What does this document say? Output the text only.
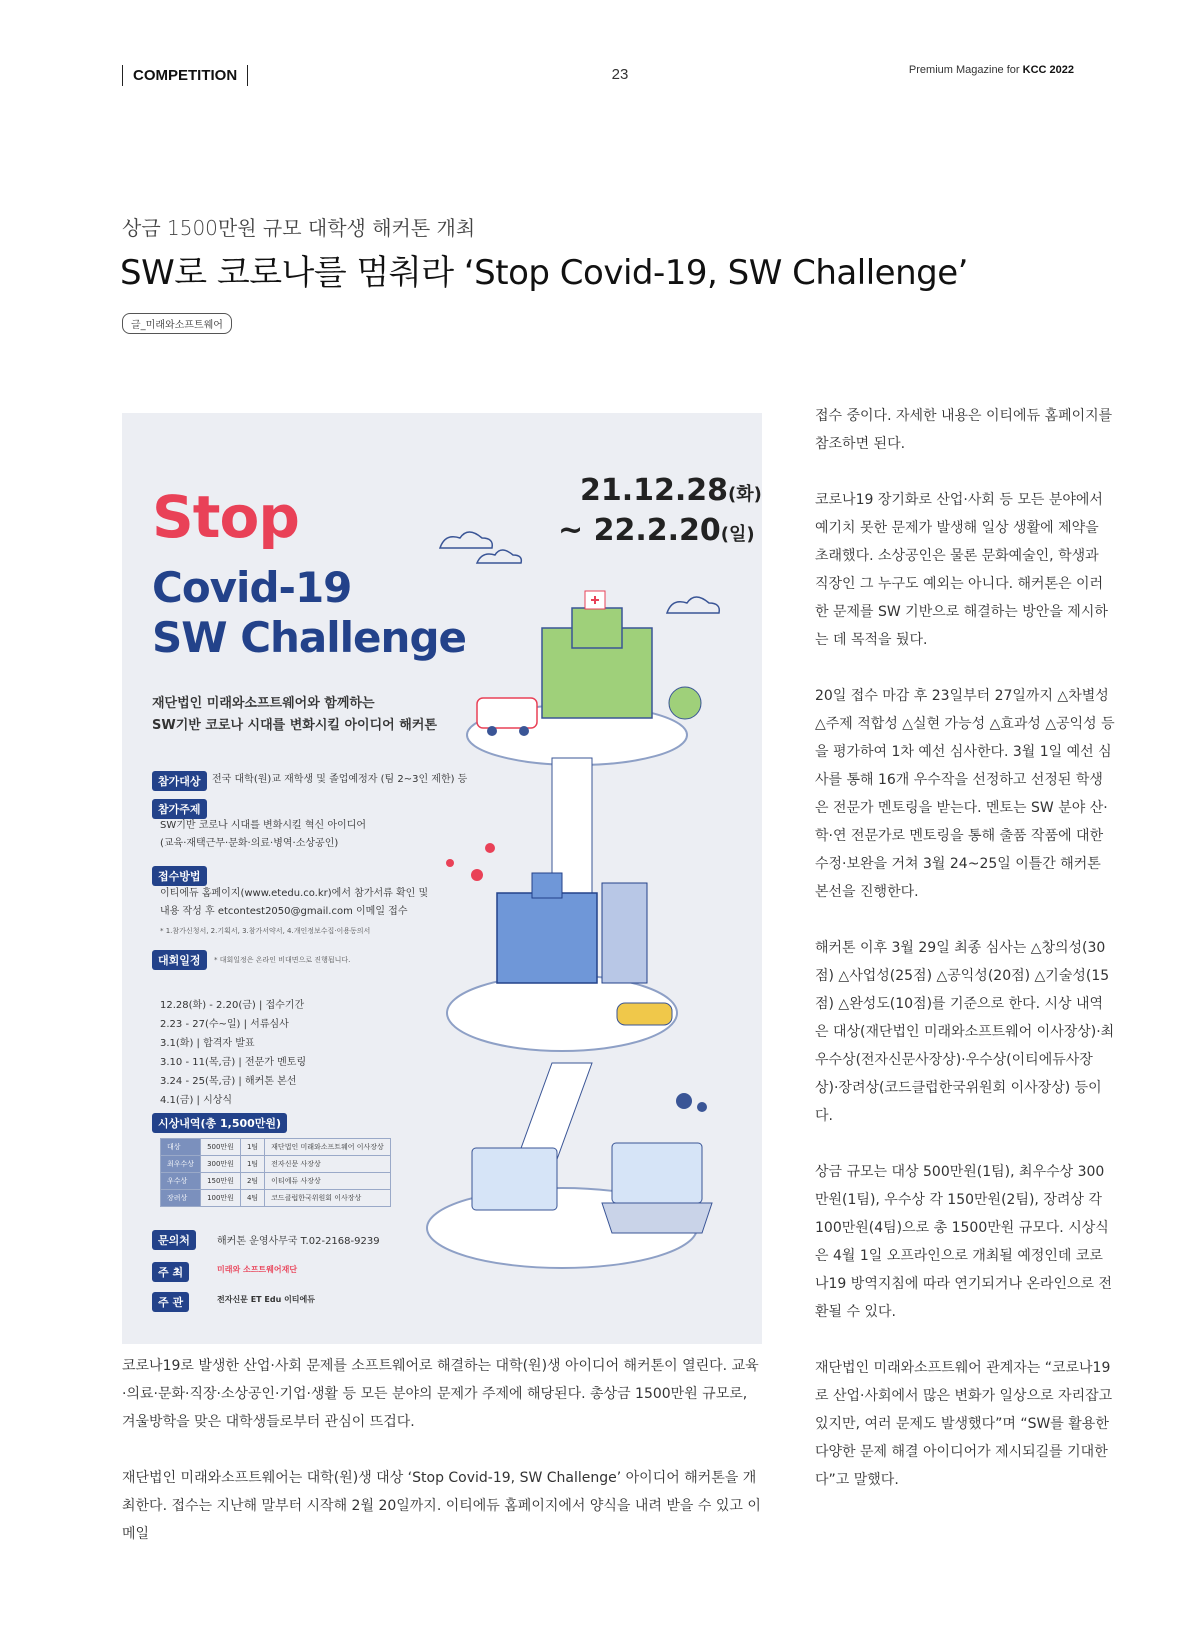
COMPETITION	23	Premium Magazine for KCC 2022
상금 1500만원 규모 대학생 해커톤 개최
SW로 코로나를 멈춰라 ‘Stop Covid-19, SW Challenge’
글_미래와소프트웨어
21.12.28(화)
~ 22.2.20(일)
Stop
Covid-19
SW Challenge
재단법인 미래와소프트웨어와 함께하는
SW기반 코로나 시대를 변화시킬 아이디어 해커톤
참가대상	전국 대학(원)교 재학생 및 졸업예정자 (팀 2~3인 제한) 등
참가주제
SW기반 코로나 시대를 변화시킬 혁신 아이디어
(교육·재택근무·문화·의료·병역·소상공인)
접수방법
이티에듀 홈페이지(www.etedu.co.kr)에서 참가서류 확인 및
내용 작성 후 etcontest2050@gmail.com 이메일 접수
* 1.참가신청서, 2.기획서, 3.참가서약서, 4.개인정보수집·이용동의서
대회일정	* 대회일정은 온라인 비대면으로 진행됩니다.
12.28(화) - 2.20(금) | 접수기간
2.23 - 27(수~일) | 서류심사
3.1(화) | 합격자 발표
3.10 - 11(목,금) | 전문가 멘토링
3.24 - 25(목,금) | 해커톤 본선
4.1(금) | 시상식
시상내역(총 1,500만원)
대상	500만원	1팀	재단법인 미래와소프트웨어 이사장상
최우수상	300만원	1팀	전자신문 사장상
우수상	150만원	2팀	이티에듀 사장상
장려상	100만원	4팀	코드클럽한국위원회 이사장상
문의처	해커톤 운영사무국 T.02-2168-9239
주 최	미래와 소프트웨어재단
주 관	전자신문 ET Edu 이티에듀

코로나19로 발생한 산업·사회 문제를 소프트웨어로 해결하는 대학(원)생 아이디어 해커톤이 열린다. 교육·의료·문화·직장·소상공인·기업·생활 등 모든 분야의 문제가 주제에 해당된다. 총상금 1500만원 규모로, 겨울방학을 맞은 대학생들로부터 관심이 뜨겁다.

재단법인 미래와소프트웨어는 대학(원)생 대상 ‘Stop Covid-19, SW Challenge’ 아이디어 해커톤을 개최한다. 접수는 지난해 말부터 시작해 2월 20일까지. 이티에듀 홈페이지에서 양식을 내려 받을 수 있고 이메일

접수 중이다. 자세한 내용은 이티에듀 홈페이지를 참조하면 된다.

코로나19 장기화로 산업·사회 등 모든 분야에서 예기치 못한 문제가 발생해 일상 생활에 제약을 초래했다. 소상공인은 물론 문화예술인, 학생과 직장인 그 누구도 예외는 아니다. 해커톤은 이러한 문제를 SW 기반으로 해결하는 방안을 제시하는 데 목적을 뒀다.

20일 접수 마감 후 23일부터 27일까지 △차별성 △주제 적합성 △실현 가능성 △효과성 △공익성 등을 평가하여 1차 예선 심사한다. 3월 1일 예선 심사를 통해 16개 우수작을 선정하고 선정된 학생은 전문가 멘토링을 받는다. 멘토는 SW 분야 산·학·연 전문가로 멘토링을 통해 출품 작품에 대한 수정·보완을 거쳐 3월 24~25일 이틀간 해커톤 본선을 진행한다.

해커톤 이후 3월 29일 최종 심사는 △창의성(30점) △사업성(25점) △공익성(20점) △기술성(15점) △완성도(10점)를 기준으로 한다. 시상 내역은 대상(재단법인 미래와소프트웨어 이사장상)·최우수상(전자신문사장상)·우수상(이티에듀사장상)·장려상(코드클럽한국위원회 이사장상) 등이다.

상금 규모는 대상 500만원(1팀), 최우수상 300만원(1팀), 우수상 각 150만원(2팀), 장려상 각 100만원(4팀)으로 총 1500만원 규모다. 시상식은 4월 1일 오프라인으로 개최될 예정인데 코로나19 방역지침에 따라 연기되거나 온라인으로 전환될 수 있다.

재단법인 미래와소프트웨어 관계자는 “코로나19로 산업·사회에서 많은 변화가 일상으로 자리잡고 있지만, 여러 문제도 발생했다”며 “SW를 활용한 다양한 문제 해결 아이디어가 제시되길를 기대한다”고 말했다.
